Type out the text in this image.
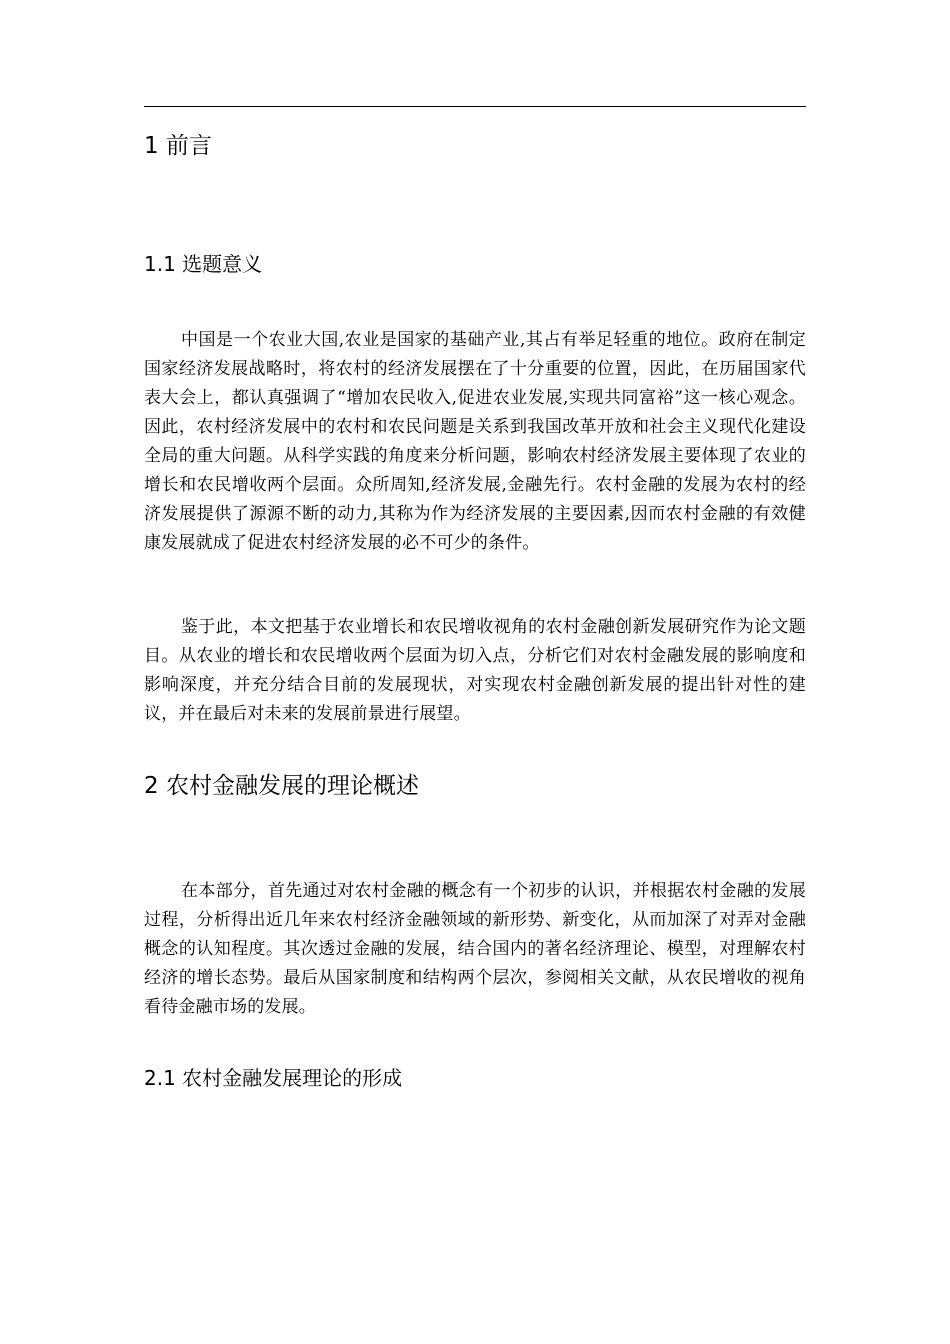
1 前言
1.1 选题意义

中国是一个农业大国,农业是国家的基础产业,其占有举足轻重的地位。政府在制定国家经济发展战略时，将农村的经济发展摆在了十分重要的位置，因此，在历届国家代表大会上，都认真强调了“增加农民收入,促进农业发展,实现共同富裕”这一核心观念。因此，农村经济发展中的农村和农民问题是关系到我国改革开放和社会主义现代化建设全局的重大问题。从科学实践的角度来分析问题，影响农村经济发展主要体现了农业的增长和农民增收两个层面。众所周知,经济发展,金融先行。农村金融的发展为农村的经济发展提供了源源不断的动力,其称为作为经济发展的主要因素,因而农村金融的有效健康发展就成了促进农村经济发展的必不可少的条件。

鉴于此，本文把基于农业增长和农民增收视角的农村金融创新发展研究作为论文题目。从农业的增长和农民增收两个层面为切入点，分析它们对农村金融发展的影响度和影响深度，并充分结合目前的发展现状，对实现农村金融创新发展的提出针对性的建议，并在最后对未来的发展前景进行展望。

2 农村金融发展的理论概述

在本部分，首先通过对农村金融的概念有一个初步的认识，并根据农村金融的发展过程，分析得出近几年来农村经济金融领域的新形势、新变化，从而加深了对弄对金融概念的认知程度。其次透过金融的发展，结合国内的著名经济理论、模型，对理解农村经济的增长态势。最后从国家制度和结构两个层次，参阅相关文献，从农民增收的视角看待金融市场的发展。

2.1 农村金融发展理论的形成
